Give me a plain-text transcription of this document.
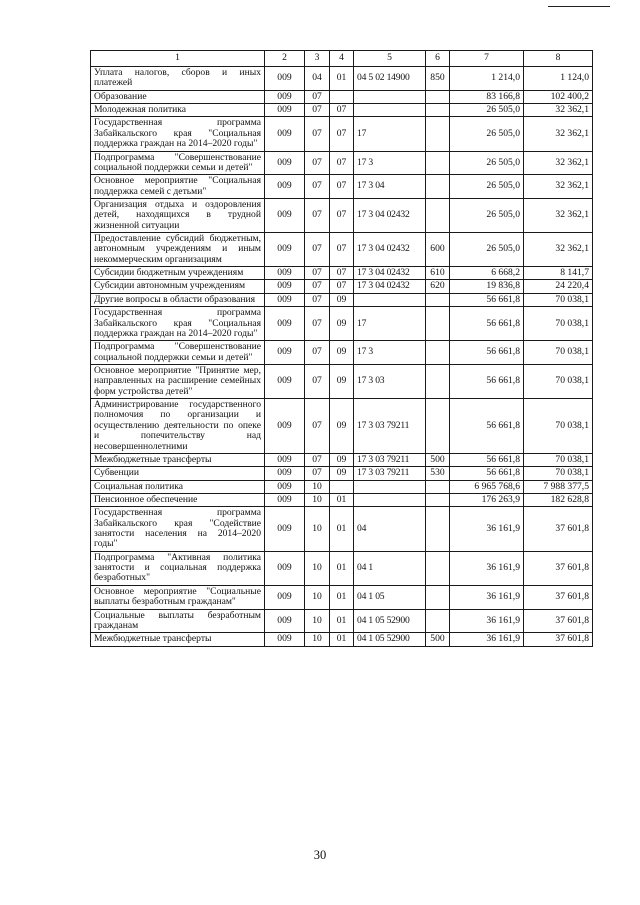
1	2	3	4	5	6	7	8
Уплата налогов, сборов и иных платежей	009	04	01	04 5 02 14900	850	1 214,0	1 124,0
Образование	009	07				83 166,8	102 400,2
Молодежная политика	009	07	07			26 505,0	32 362,1
Государственная программа Забайкальского края "Социальная поддержка граждан на 2014–2020 годы"	009	07	07	17		26 505,0	32 362,1
Подпрограмма "Совершенствование социальной поддержки семьи и детей"	009	07	07	17 3		26 505,0	32 362,1
Основное мероприятие "Социальная поддержка семей с детьми"	009	07	07	17 3 04		26 505,0	32 362,1
Организация отдыха и оздоровления детей, находящихся в трудной жизненной ситуации	009	07	07	17 3 04 02432		26 505,0	32 362,1
Предоставление субсидий бюджетным, автономным учреждениям и иным некоммерческим организациям	009	07	07	17 3 04 02432	600	26 505,0	32 362,1
Субсидии бюджетным учреждениям	009	07	07	17 3 04 02432	610	6 668,2	8 141,7
Субсидии автономным учреждениям	009	07	07	17 3 04 02432	620	19 836,8	24 220,4
Другие вопросы в области образования	009	07	09			56 661,8	70 038,1
Государственная программа Забайкальского края "Социальная поддержка граждан на 2014–2020 годы"	009	07	09	17		56 661,8	70 038,1
Подпрограмма "Совершенствование социальной поддержки семьи и детей"	009	07	09	17 3		56 661,8	70 038,1
Основное мероприятие "Принятие мер, направленных на расширение семейных форм устройства детей"	009	07	09	17 3 03		56 661,8	70 038,1
Администрирование государственного полномочия по организации и осуществлению деятельности по опеке и попечительству над несовершеннолетними	009	07	09	17 3 03 79211		56 661,8	70 038,1
Межбюджетные трансферты	009	07	09	17 3 03 79211	500	56 661,8	70 038,1
Субвенции	009	07	09	17 3 03 79211	530	56 661,8	70 038,1
Социальная политика	009	10				6 965 768,6	7 988 377,5
Пенсионное обеспечение	009	10	01			176 263,9	182 628,8
Государственная программа Забайкальского края "Содействие занятости населения на 2014–2020 годы"	009	10	01	04		36 161,9	37 601,8
Подпрограмма "Активная политика занятости и социальная поддержка безработных"	009	10	01	04 1		36 161,9	37 601,8
Основное мероприятие "Социальные выплаты безработным гражданам"	009	10	01	04 1 05		36 161,9	37 601,8
Социальные выплаты безработным гражданам	009	10	01	04 1 05 52900		36 161,9	37 601,8
Межбюджетные трансферты	009	10	01	04 1 05 52900	500	36 161,9	37 601,8
30
